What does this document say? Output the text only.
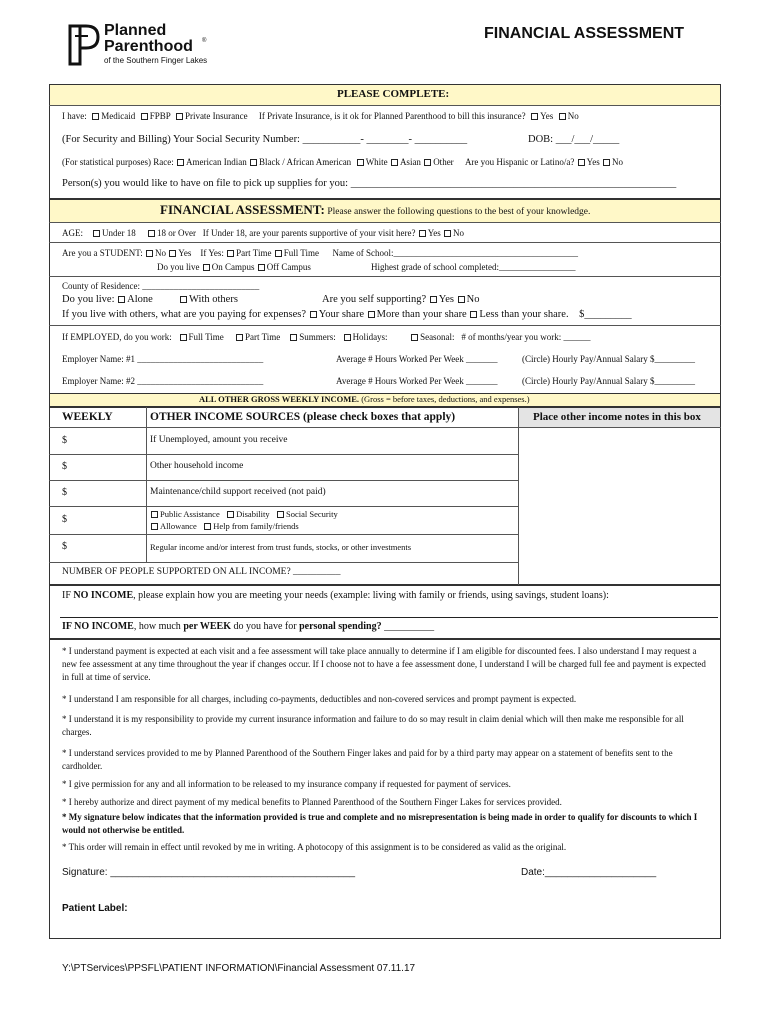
Planned
Parenthood ®
of the Southern Finger Lakes
FINANCIAL ASSESSMENT
PLEASE COMPLETE:
I have: Medicaid FPBP Private Insurance If Private Insurance, is it ok for Planned Parenthood to bill this insurance? Yes No
(For Security and Billing) Your Social Security Number: ___________- ________- __________	DOB: ___/___/_____
(For statistical purposes) Race: American Indian Black / African American White Asian Other Are you Hispanic or Latino/a? Yes No
Person(s) you would like to have on file to pick up supplies for you: ______________________________________________________________
FINANCIAL ASSESSMENT: Please answer the following questions to the best of your knowledge.
AGE: Under 18 18 or Over If Under 18, are your parents supportive of your visit here? Yes No
Are you a STUDENT: No Yes If Yes: Part Time Full Time Name of School:_________________________________________
Do you live On Campus Off Campus	Highest grade of school completed:_________________
County of Residence: __________________________
Do you live: Alone	With others	Are you self supporting? Yes No
If you live with others, what are you paying for expenses? Your share More than your share Less than your share. $_________
If EMPLOYED, do you work: Full Time Part Time Summers: Holidays:	Seasonal: # of months/year you work: ______
Employer Name: #1 ____________________________	Average # Hours Worked Per Week _______	(Circle) Hourly Pay/Annual Salary $_________
Employer Name: #2 ____________________________	Average # Hours Worked Per Week _______	(Circle) Hourly Pay/Annual Salary $_________
ALL OTHER GROSS WEEKLY INCOME. (Gross = before taxes, deductions, and expenses.)
WEEKLY	OTHER INCOME SOURCES (please check boxes that apply)	Place other income notes in this box
$	If Unemployed, amount you receive
$	Other household income
$	Maintenance/child support received (not paid)
$	Public Assistance Disability Social Security
Allowance Help from family/friends
$	Regular income and/or interest from trust funds, stocks, or other investments
NUMBER OF PEOPLE SUPPORTED ON ALL INCOME? __________
IF NO INCOME, please explain how you are meeting your needs (example: living with family or friends, using savings, student loans):
IF NO INCOME, how much per WEEK do you have for personal spending? __________
* I understand payment is expected at each visit and a fee assessment will take place annually to determine if I am eligible for discounted fees. I also understand I may request a new fee assessment at any time throughout the year if changes occur. If I choose not to have a fee assessment done, I understand I will be charged full fee and payment is expected in full at time of service.
* I understand I am responsible for all charges, including co-payments, deductibles and non-covered services and prompt payment is expected.
* I understand it is my responsibility to provide my current insurance information and failure to do so may result in claim denial which will then make me responsible for all charges.
* I understand services provided to me by Planned Parenthood of the Southern Finger lakes and paid for by a third party may appear on a statement of benefits sent to the cardholder.
* I give permission for any and all information to be released to my insurance company if requested for payment of services.
* I hereby authorize and direct payment of my medical benefits to Planned Parenthood of the Southern Finger Lakes for services provided.
* My signature below indicates that the information provided is true and complete and no misrepresentation is being made in order to qualify for discounts to which I would not otherwise be entitled.
* This order will remain in effect until revoked by me in writing. A photocopy of this assignment is to be considered as valid as the original.
Signature: ____________________________________________	Date:____________________
Patient Label:
Y:\PTServices\PPSFL\PATIENT INFORMATION\Financial Assessment 07.11.17
